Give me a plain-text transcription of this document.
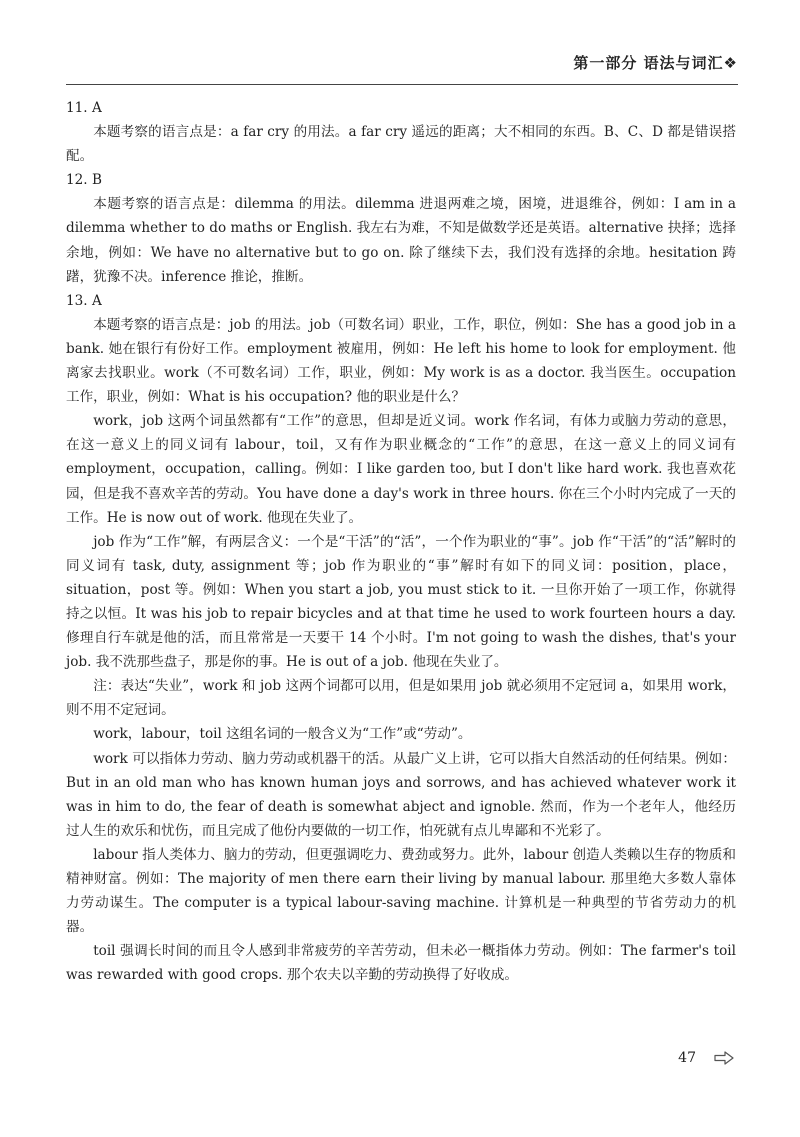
第一部分 语法与词汇❖

11. A

本题考察的语言点是：a far cry 的用法。a far cry 遥远的距离；大不相同的东西。B、C、D 都是错误搭配。

12. B

本题考察的语言点是：dilemma 的用法。dilemma 进退两难之境，困境，进退维谷，例如：I am in a dilemma whether to do maths or English. 我左右为难，不知是做数学还是英语。alternative 抉择；选择余地，例如：We have no alternative but to go on. 除了继续下去，我们没有选择的余地。hesitation 踌躇，犹豫不决。inference 推论，推断。

13. A

本题考察的语言点是：job 的用法。job（可数名词）职业，工作，职位，例如：She has a good job in a bank. 她在银行有份好工作。employment 被雇用，例如：He left his home to look for employment. 他离家去找职业。work（不可数名词）工作，职业，例如：My work is as a doctor. 我当医生。occupation 工作，职业，例如：What is his occupation? 他的职业是什么？

work，job 这两个词虽然都有“工作”的意思，但却是近义词。work 作名词，有体力或脑力劳动的意思，在这一意义上的同义词有 labour，toil，又有作为职业概念的“工作”的意思，在这一意义上的同义词有 employment，occupation，calling。例如：I like garden too, but I don't like hard work. 我也喜欢花园，但是我不喜欢辛苦的劳动。You have done a day's work in three hours. 你在三个小时内完成了一天的工作。He is now out of work. 他现在失业了。

job 作为“工作”解，有两层含义：一个是“干活”的“活”，一个作为职业的“事”。job 作“干活”的“活”解时的同义词有 task, duty, assignment 等；job 作为职业的“事”解时有如下的同义词：position，place，situation，post 等。例如：When you start a job, you must stick to it. 一旦你开始了一项工作，你就得持之以恒。It was his job to repair bicycles and at that time he used to work fourteen hours a day. 修理自行车就是他的活，而且常常是一天要干 14 个小时。I'm not going to wash the dishes, that's your job. 我不洗那些盘子，那是你的事。He is out of a job. 他现在失业了。

注：表达“失业”，work 和 job 这两个词都可以用，但是如果用 job 就必须用不定冠词 a，如果用 work，则不用不定冠词。

work，labour，toil 这组名词的一般含义为“工作”或“劳动”。

work 可以指体力劳动、脑力劳动或机器干的活。从最广义上讲，它可以指大自然活动的任何结果。例如：But in an old man who has known human joys and sorrows, and has achieved whatever work it was in him to do, the fear of death is somewhat abject and ignoble. 然而，作为一个老年人，他经历过人生的欢乐和忧伤，而且完成了他份内要做的一切工作，怕死就有点儿卑鄙和不光彩了。

labour 指人类体力、脑力的劳动，但更强调吃力、费劲或努力。此外，labour 创造人类赖以生存的物质和精神财富。例如：The majority of men there earn their living by manual labour. 那里绝大多数人靠体力劳动谋生。The computer is a typical labour-saving machine. 计算机是一种典型的节省劳动力的机器。

toil 强调长时间的而且令人感到非常疲劳的辛苦劳动，但未必一概指体力劳动。例如：The farmer's toil was rewarded with good crops. 那个农夫以辛勤的劳动换得了好收成。

47
